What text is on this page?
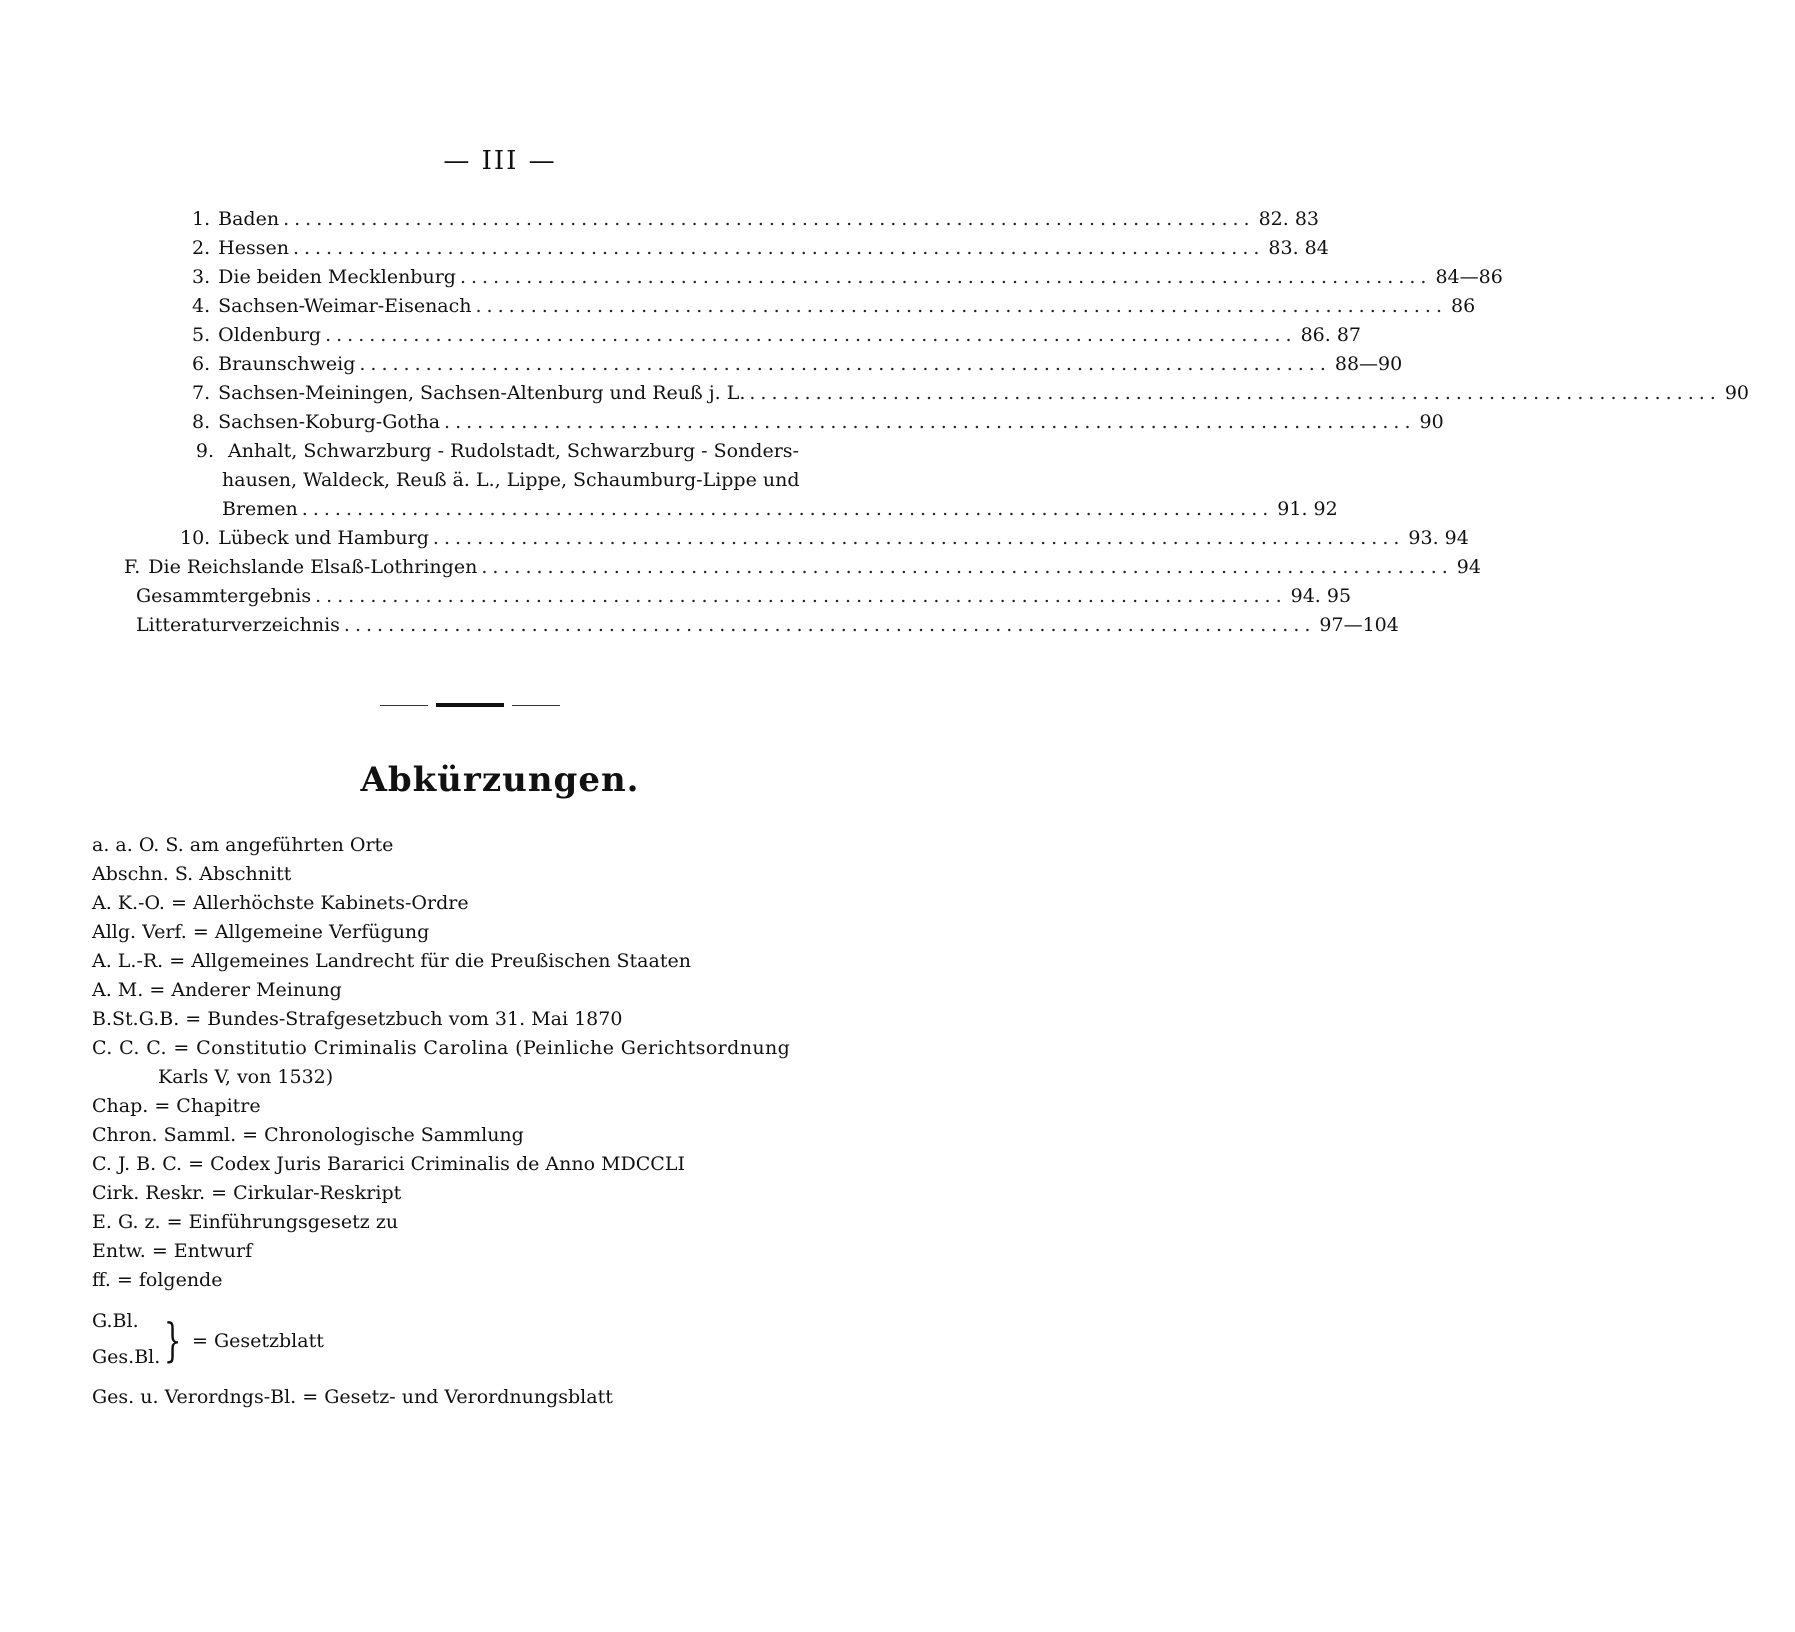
— III —
1. Baden ........................................................................................ 82. 83
2. Hessen ........................................................................................ 83. 84
3. Die beiden Mecklenburg ........................................................................................ 84—86
4. Sachsen-Weimar-Eisenach ........................................................................................ 86
5. Oldenburg ........................................................................................ 86. 87
6. Braunschweig ........................................................................................ 88—90
7. Sachsen-Meiningen, Sachsen-Altenburg und Reuß j. L. ........................................................................................ 90
8. Sachsen-Koburg-Gotha ........................................................................................ 90
9. Anhalt, Schwarzburg - Rudolstadt, Schwarzburg - Sonders-
hausen, Waldeck, Reuß ä. L., Lippe, Schaumburg-Lippe und
Bremen ........................................................................................ 91. 92
10. Lübeck und Hamburg ........................................................................................ 93. 94
F. Die Reichslande Elsaß-Lothringen ........................................................................................ 94
Gesammtergebnis ........................................................................................ 94. 95
Litteraturverzeichnis ........................................................................................ 97—104
Abkürzungen.
a. a. O. S. am angeführten Orte
Abschn. S. Abschnitt
A. K.-O. = Allerhöchste Kabinets-Ordre
Allg. Verf. = Allgemeine Verfügung
A. L.-R. = Allgemeines Landrecht für die Preußischen Staaten
A. M. = Anderer Meinung
B.St.G.B. = Bundes-Strafgesetzbuch vom 31. Mai 1870
C. C. C. = Constitutio Criminalis Carolina (Peinliche Gerichtsordnung
Karls V, von 1532)
Chap. = Chapitre
Chron. Samml. = Chronologische Sammlung
C. J. B. C. = Codex Juris Bararici Criminalis de Anno MDCCLI
Cirk. Reskr. = Cirkular-Reskript
E. G. z. = Einführungsgesetz zu
Entw. = Entwurf
ff. = folgende
G.Bl.
Ges.Bl. } = Gesetzblatt
Ges. u. Verordngs-Bl. = Gesetz- und Verordnungsblatt
